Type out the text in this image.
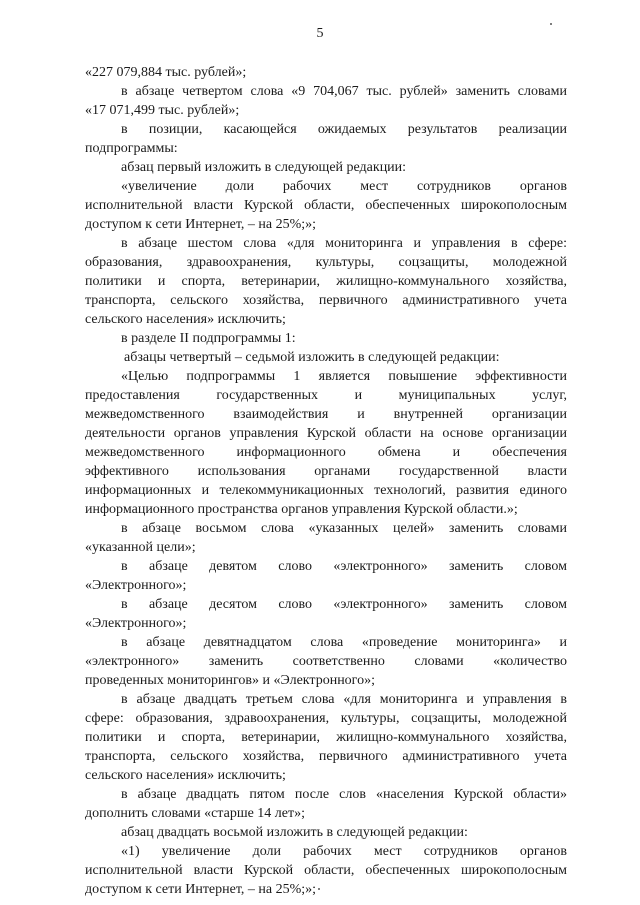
5
«227 079,884 тыс. рублей»;
в абзаце четвертом слова «9 704,067 тыс. рублей» заменить словами
«17 071,499 тыс. рублей»;
в позиции, касающейся ожидаемых результатов реализации
подпрограммы:
абзац первый изложить в следующей редакции:
«увеличение доли рабочих мест сотрудников органов
исполнительной власти Курской области, обеспеченных широкополосным
доступом к сети Интернет, – на 25%;»;
в абзаце шестом слова «для мониторинга и управления в сфере:
образования, здравоохранения, культуры, соцзащиты, молодежной
политики и спорта, ветеринарии, жилищно-коммунального хозяйства,
транспорта, сельского хозяйства, первичного административного учета
сельского населения» исключить;
в разделе II подпрограммы 1:
абзацы четвертый – седьмой изложить в следующей редакции:
«Целью подпрограммы 1 является повышение эффективности
предоставления государственных и муниципальных услуг,
межведомственного взаимодействия и внутренней организации
деятельности органов управления Курской области на основе организации
межведомственного информационного обмена и обеспечения
эффективного использования органами государственной власти
информационных и телекоммуникационных технологий, развития единого
информационного пространства органов управления Курской области.»;
в абзаце восьмом слова «указанных целей» заменить словами
«указанной цели»;
в абзаце девятом слово «электронного» заменить словом
«Электронного»;
в абзаце десятом слово «электронного» заменить словом
«Электронного»;
в абзаце девятнадцатом слова «проведение мониторинга» и
«электронного» заменить соответственно словами «количество
проведенных мониторингов» и «Электронного»;
в абзаце двадцать третьем слова «для мониторинга и управления в
сфере: образования, здравоохранения, культуры, соцзащиты, молодежной
политики и спорта, ветеринарии, жилищно-коммунального хозяйства,
транспорта, сельского хозяйства, первичного административного учета
сельского населения» исключить;
в абзаце двадцать пятом после слов «населения Курской области»
дополнить словами «старше 14 лет»;
абзац двадцать восьмой изложить в следующей редакции:
«1) увеличение доли рабочих мест сотрудников органов
исполнительной власти Курской области, обеспеченных широкополосным
доступом к сети Интернет, – на 25%;»;
